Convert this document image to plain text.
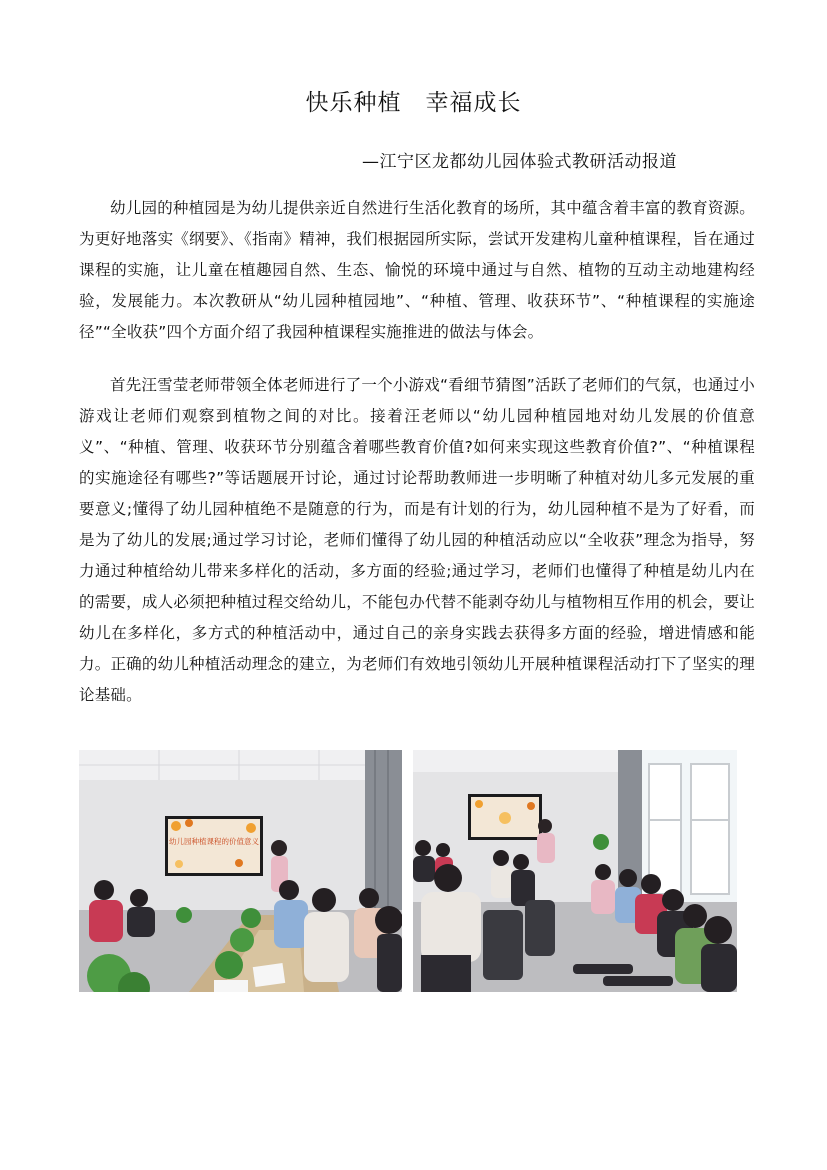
快乐种植　幸福成长
—江宁区龙都幼儿园体验式教研活动报道

幼儿园的种植园是为幼儿提供亲近自然进行生活化教育的场所，其中蕴含着丰富的教育资源。为更好地落实《纲要》、《指南》精神，我们根据园所实际，尝试开发建构儿童种植课程，旨在通过课程的实施，让儿童在植趣园自然、生态、愉悦的环境中通过与自然、植物的互动主动地建构经验，发展能力。本次教研从“幼儿园种植园地”、“种植、管理、收获环节”、“种植课程的实施途径”“全收获”四个方面介绍了我园种植课程实施推进的做法与体会。

首先汪雪莹老师带领全体老师进行了一个小游戏“看细节猜图”活跃了老师们的气氛，也通过小游戏让老师们观察到植物之间的对比。接着汪老师以“幼儿园种植园地对幼儿发展的价值意义”、“种植、管理、收获环节分别蕴含着哪些教育价值?如何来实现这些教育价值?”、“种植课程的实施途径有哪些?”等话题展开讨论，通过讨论帮助教师进一步明晰了种植对幼儿多元发展的重要意义;懂得了幼儿园种植绝不是随意的行为，而是有计划的行为，幼儿园种植不是为了好看，而是为了幼儿的发展;通过学习讨论，老师们懂得了幼儿园的种植活动应以“全收获”理念为指导，努力通过种植给幼儿带来多样化的活动，多方面的经验;通过学习，老师们也懂得了种植是幼儿内在的需要，成人必须把种植过程交给幼儿，不能包办代替不能剥夺幼儿与植物相互作用的机会，要让幼儿在多样化，多方式的种植活动中，通过自己的亲身实践去获得多方面的经验，增进情感和能力。正确的幼儿种植活动理念的建立，为老师们有效地引领幼儿开展种植课程活动打下了坚实的理论基础。

幼儿园种植课程的价值意义
